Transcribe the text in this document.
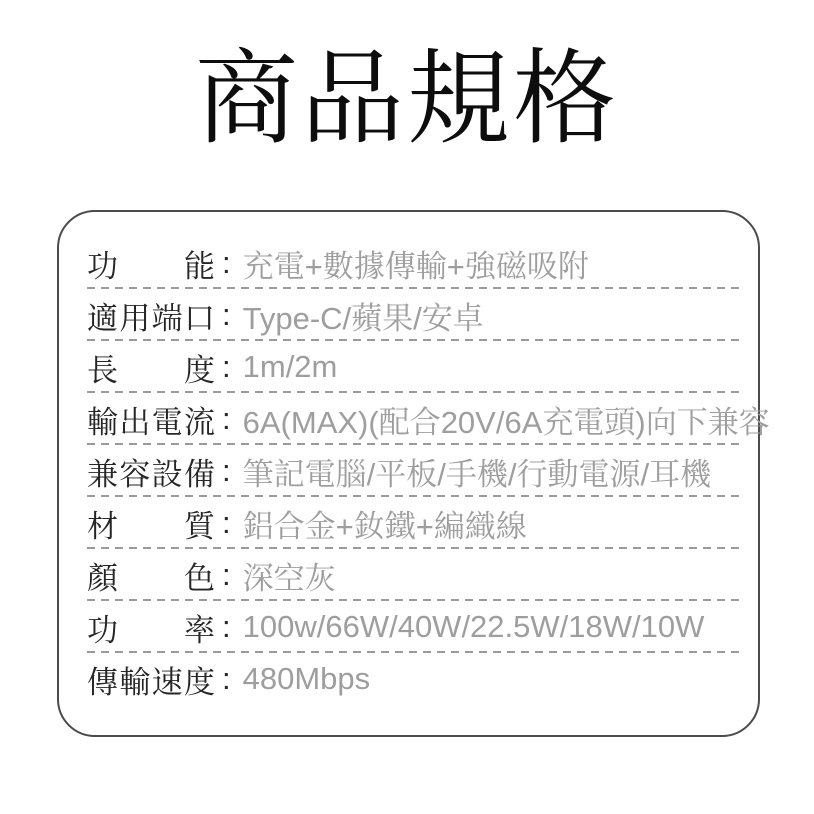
商品規格
功能 : 充電+數據傳輸+強磁吸附
適用端口 : Type-C/蘋果/安卓
長度 : 1m/2m
輸出電流 : 6A(MAX)(配合20V/6A充電頭)向下兼容
兼容設備 : 筆記電腦/平板/手機/行動電源/耳機
材質 : 鋁合金+釹鐵+編織線
顏色 : 深空灰
功率 : 100w/66W/40W/22.5W/18W/10W
傳輸速度 : 480Mbps
